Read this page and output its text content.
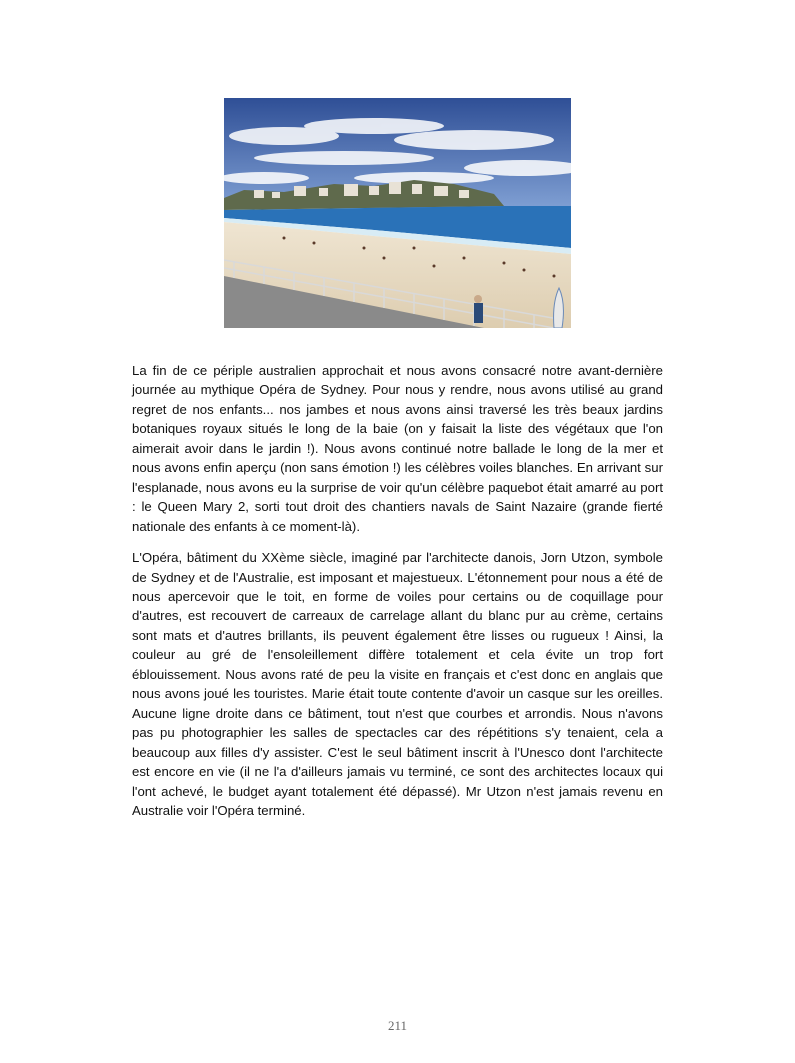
La fin de ce périple australien approchait et nous avons consacré notre avant-dernière journée au mythique Opéra de Sydney. Pour nous y rendre, nous avons utilisé au grand regret de nos enfants... nos jambes et nous avons ainsi traversé les très beaux jardins botaniques royaux situés le long de la baie (on y faisait la liste des végétaux que l'on aimerait avoir dans le jardin !). Nous avons continué notre ballade le long de la mer et nous avons enfin aperçu (non sans émotion !) les célèbres voiles blanches. En arrivant sur l'esplanade, nous avons eu la surprise de voir qu'un célèbre paquebot était amarré au port : le Queen Mary 2, sorti tout droit des chantiers navals de Saint Nazaire (grande fierté nationale des enfants à ce moment-là).

L'Opéra, bâtiment du XXème siècle, imaginé par l'architecte danois, Jorn Utzon, symbole de Sydney et de l'Australie, est imposant et majestueux. L'étonnement pour nous a été de nous apercevoir que le toit, en forme de voiles pour certains ou de coquillage pour d'autres, est recouvert de carreaux de carrelage allant du blanc pur au crème, certains sont mats et d'autres brillants, ils peuvent également être lisses ou rugueux ! Ainsi, la couleur au gré de l'ensoleillement diffère totalement et cela évite un trop fort éblouissement. Nous avons raté de peu la visite en français et c'est donc en anglais que nous avons joué les touristes. Marie était toute contente d'avoir un casque sur les oreilles. Aucune ligne droite dans ce bâtiment, tout n'est que courbes et arrondis. Nous n'avons pas pu photographier les salles de spectacles car des répétitions s'y tenaient, cela a beaucoup aux filles d'y assister. C'est le seul bâtiment inscrit à l'Unesco dont l'architecte est encore en vie (il ne l'a d'ailleurs jamais vu terminé, ce sont des architectes locaux qui l'ont achevé, le budget ayant totalement été dépassé). Mr Utzon n'est jamais revenu en Australie voir l'Opéra terminé.

211
